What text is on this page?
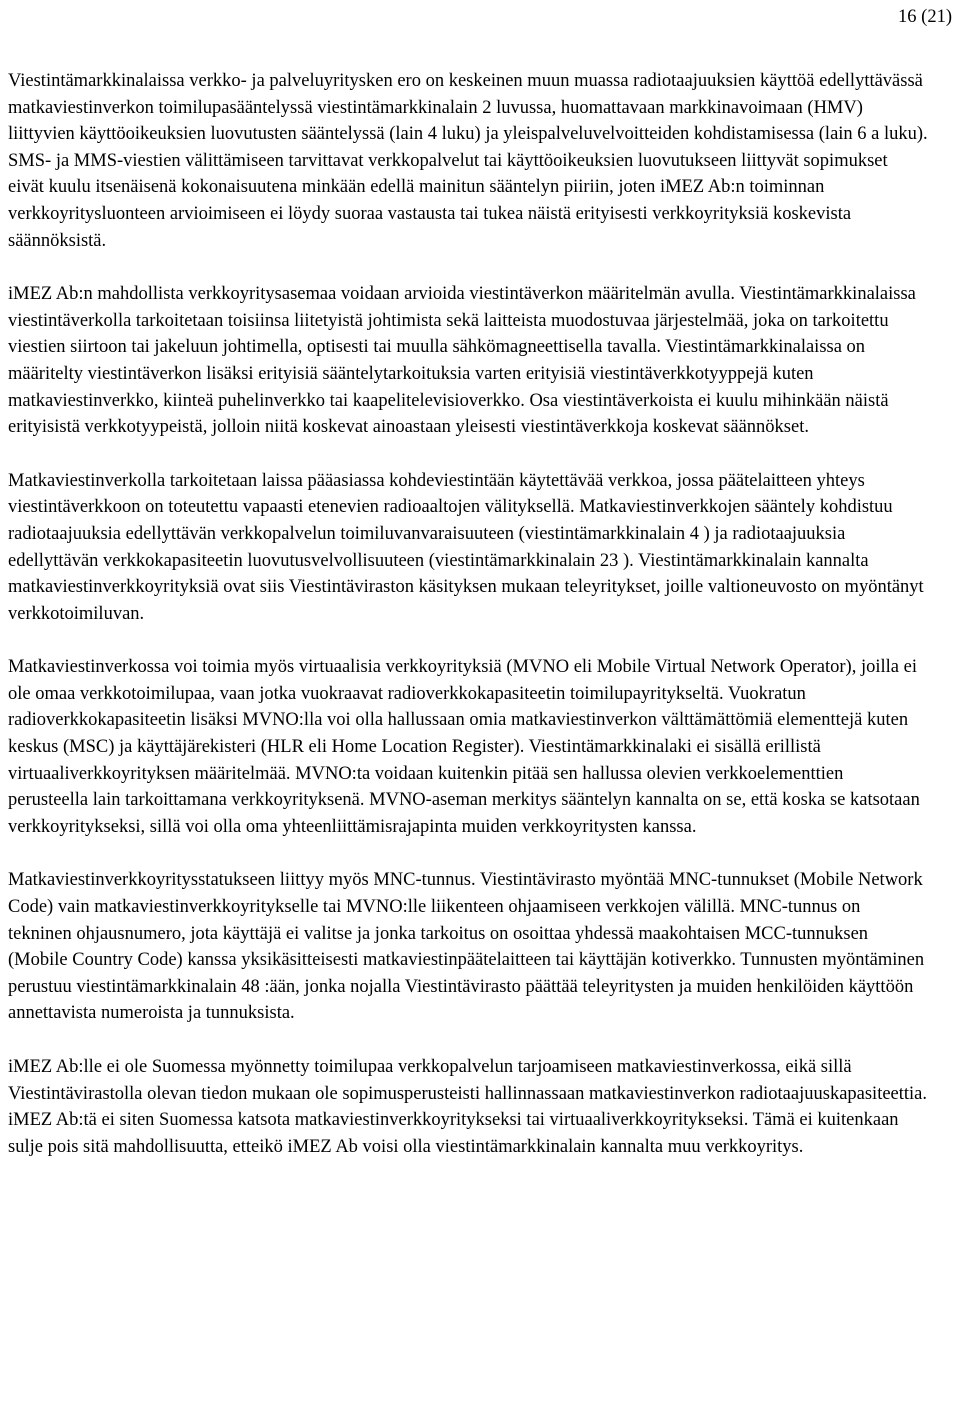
16 (21)

Viestintämarkkinalaissa verkko- ja palveluyritysken ero on keskeinen muun muassa radiotaajuuksien käyttöä edellyttävässä matkaviestinverkon toimilupasääntelyssä viestintämarkkinalain 2 luvussa, huomattavaan markkinavoimaan (HMV) liittyvien käyttöoikeuksien luovutusten sääntelyssä (lain 4 luku) ja yleispalveluvelvoitteiden kohdistamisessa (lain 6 a luku). SMS- ja MMS-viestien välittämiseen tarvittavat verkkopalvelut tai käyttöoikeuksien luovutukseen liittyvät sopimukset eivät kuulu itsenäisenä kokonaisuutena minkään edellä mainitun sääntelyn piiriin, joten iMEZ Ab:n toiminnan verkkoyritysluonteen arvioimiseen ei löydy suoraa vastausta tai tukea näistä erityisesti verkkoyrityksiä koskevista säännöksistä.

iMEZ Ab:n mahdollista verkkoyritysasemaa voidaan arvioida viestintäverkon määritelmän avulla. Viestintämarkkinalaissa viestintäverkolla tarkoitetaan toisiinsa liitetyistä johtimista sekä laitteista muodostuvaa järjestelmää, joka on tarkoitettu viestien siirtoon tai jakeluun johtimella, optisesti tai muulla sähkömagneettisella tavalla. Viestintämarkkinalaissa on määritelty viestintäverkon lisäksi erityisiä sääntelytarkoituksia varten erityisiä viestintäverkkotyyppejä kuten matkaviestinverkko, kiinteä puhelinverkko tai kaapelitelevisioverkko. Osa viestintäverkoista ei kuulu mihinkään näistä erityisistä verkkotyypeistä, jolloin niitä koskevat ainoastaan yleisesti viestintäverkkoja koskevat säännökset.

Matkaviestinverkolla tarkoitetaan laissa pääasiassa kohdeviestintään käytettävää verkkoa, jossa päätelaitteen yhteys viestintäverkkoon on toteutettu vapaasti etenevien radioaaltojen välityksellä. Matkaviestinverkkojen sääntely kohdistuu radiotaajuuksia edellyttävän verkkopalvelun toimiluvanvaraisuuteen (viestintämarkkinalain 4 ) ja radiotaajuuksia edellyttävän verkkokapasiteetin luovutusvelvollisuuteen (viestintämarkkinalain 23 ). Viestintämarkkinalain kannalta matkaviestinverkkoyrityksiä ovat siis Viestintäviraston käsityksen mukaan teleyritykset, joille valtioneuvosto on myöntänyt verkkotoimiluvan.

Matkaviestinverkossa voi toimia myös virtuaalisia verkkoyrityksiä (MVNO eli Mobile Virtual Network Operator), joilla ei ole omaa verkkotoimilupaa, vaan jotka vuokraavat radioverkkokapasiteetin toimilupayritykseltä. Vuokratun radioverkkokapasiteetin lisäksi MVNO:lla voi olla hallussaan omia matkaviestinverkon välttämättömiä elementtejä kuten keskus (MSC) ja käyttäjärekisteri (HLR eli Home Location Register). Viestintämarkkinalaki ei sisällä erillistä virtuaaliverkkoyrityksen määritelmää. MVNO:ta voidaan kuitenkin pitää sen hallussa olevien verkkoelementtien perusteella lain tarkoittamana verkkoyrityksenä. MVNO-aseman merkitys sääntelyn kannalta on se, että koska se katsotaan verkkoyritykseksi, sillä voi olla oma yhteenliittämisrajapinta muiden verkkoyritysten kanssa.

Matkaviestinverkkoyritysstatukseen liittyy myös MNC-tunnus. Viestintävirasto myöntää MNC-tunnukset (Mobile Network Code) vain matkaviestinverkkoyritykselle tai MVNO:lle liikenteen ohjaamiseen verkkojen välillä. MNC-tunnus on tekninen ohjausnumero, jota käyttäjä ei valitse ja jonka tarkoitus on osoittaa yhdessä maakohtaisen MCC-tunnuksen (Mobile Country Code) kanssa yksikäsitteisesti matkaviestinpäätelaitteen tai käyttäjän kotiverkko. Tunnusten myöntäminen perustuu viestintämarkkinalain 48 :ään, jonka nojalla Viestintävirasto päättää teleyritysten ja muiden henkilöiden käyttöön annettavista numeroista ja tunnuksista.

iMEZ Ab:lle ei ole Suomessa myönnetty toimilupaa verkkopalvelun tarjoamiseen matkaviestinverkossa, eikä sillä Viestintävirastolla olevan tiedon mukaan ole sopimusperusteisti hallinnassaan matkaviestinverkon radiotaajuuskapasiteettia. iMEZ Ab:tä ei siten Suomessa katsota matkaviestinverkkoyritykseksi tai virtuaaliverkkoyritykseksi. Tämä ei kuitenkaan sulje pois sitä mahdollisuutta, etteikö iMEZ Ab voisi olla viestintämarkkinalain kannalta muu verkkoyritys.
